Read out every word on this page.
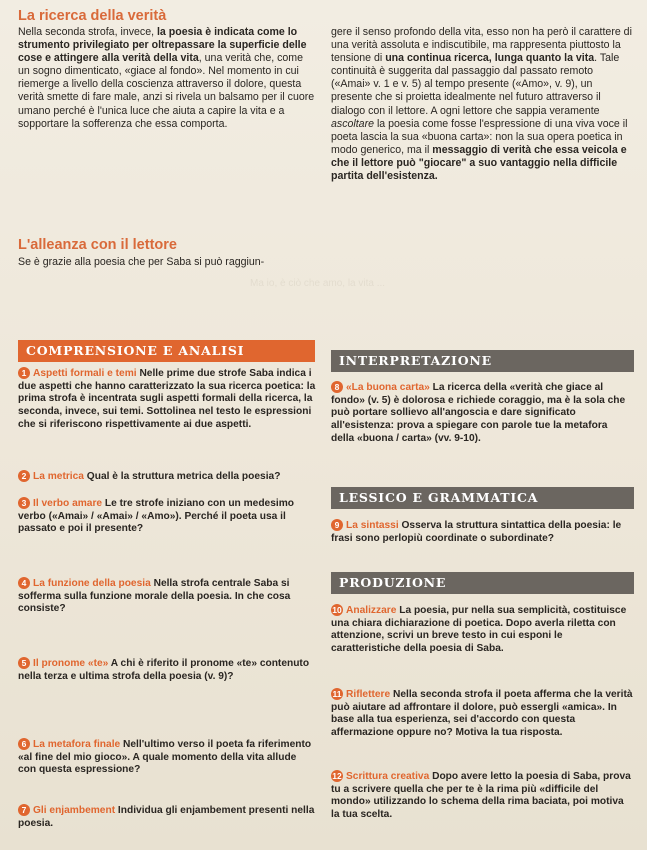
La ricerca della verità
Nella seconda strofa, invece, la poesia è indicata come lo strumento privilegiato per oltrepassare la superficie delle cose e attingere alla verità della vita, una verità che, come un sogno dimenticato, «giace al fondo». Nel momento in cui riemerge a livello della coscienza attraverso il dolore, questa verità smette di fare male, anzi si rivela un balsamo per il cuore umano perché è l'unica luce che aiuta a capire la vita e a sopportare la sofferenza che essa comporta.
L'alleanza con il lettore
Se è grazie alla poesia che per Saba si può raggiun-
gere il senso profondo della vita, esso non ha però il carattere di una verità assoluta e indiscutibile, ma rappresenta piuttosto la tensione di una continua ricerca, lunga quanto la vita. Tale continuità è suggerita dal passaggio dal passato remoto («Amai» v. 1 e v. 5) al tempo presente («Amo», v. 9), un presente che si proietta idealmente nel futuro attraverso il dialogo con il lettore. A ogni lettore che sappia veramente ascoltare la poesia come fosse l'espressione di una viva voce il poeta lascia la sua «buona carta»: non la sua opera poetica in modo generico, ma il messaggio di verità che essa veicola e che il lettore può "giocare" a suo vantaggio nella difficile partita dell'esistenza.
Ma io, è ciò che amo, la vita ...
COMPRENSIONE E ANALISI
1 Aspetti formali e temi Nelle prime due strofe Saba indica i due aspetti che hanno caratterizzato la sua ricerca poetica: la prima strofa è incentrata sugli aspetti formali della ricerca, la seconda, invece, sui temi. Sottolinea nel testo le espressioni che si riferiscono rispettivamente ai due aspetti.
2 La metrica Qual è la struttura metrica della poesia?
3 Il verbo amare Le tre strofe iniziano con un medesimo verbo («Amai» / «Amai» / «Amo»). Perché il poeta usa il passato e poi il presente?
4 La funzione della poesia Nella strofa centrale Saba si sofferma sulla funzione morale della poesia. In che cosa consiste?
5 Il pronome «te» A chi è riferito il pronome «te» contenuto nella terza e ultima strofa della poesia (v. 9)?
6 La metafora finale Nell'ultimo verso il poeta fa riferimento «al fine del mio gioco». A quale momento della vita allude con questa espressione?
7 Gli enjambement Individua gli enjambement presenti nella poesia.
INTERPRETAZIONE
8 «La buona carta» La ricerca della «verità che giace al fondo» (v. 5) è dolorosa e richiede coraggio, ma è la sola che può portare sollievo all'angoscia e dare significato all'esistenza: prova a spiegare con parole tue la metafora della «buona / carta» (vv. 9-10).
LESSICO E GRAMMATICA
9 La sintassi Osserva la struttura sintattica della poesia: le frasi sono perlopiù coordinate o subordinate?
PRODUZIONE
10 Analizzare La poesia, pur nella sua semplicità, costituisce una chiara dichiarazione di poetica. Dopo averla riletta con attenzione, scrivi un breve testo in cui esponi le caratteristiche della poesia di Saba.
11 Riflettere Nella seconda strofa il poeta afferma che la verità può aiutare ad affrontare il dolore, può essergli «amica». In base alla tua esperienza, sei d'accordo con questa affermazione oppure no? Motiva la tua risposta.
12 Scrittura creativa Dopo avere letto la poesia di Saba, prova tu a scrivere quella che per te è la rima più «difficile del mondo» utilizzando lo schema della rima baciata, poi motiva la tua scelta.
